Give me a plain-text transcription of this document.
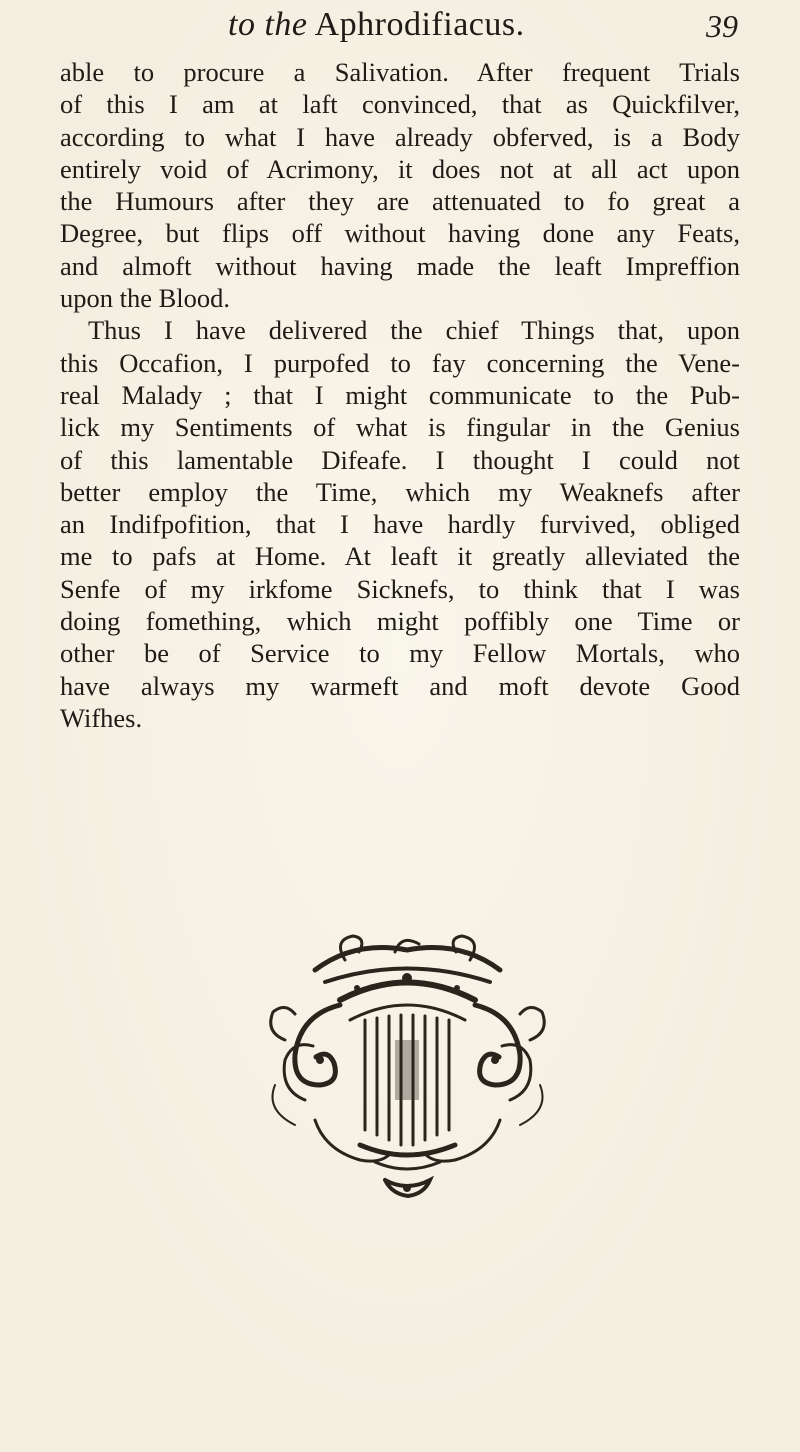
to the Aphrodifiacus.	39
able to procure a Salivation. After frequent Trials
of this I am at laft convinced, that as Quickfilver,
according to what I have already obferved, is a Body
entirely void of Acrimony, it does not at all act upon
the Humours after they are attenuated to fo great a
Degree, but flips off without having done any Feats,
and almoft without having made the leaft Impreffion
upon the Blood.
Thus I have delivered the chief Things that, upon
this Occafion, I purpofed to fay concerning the Vene-
real Malady ; that I might communicate to the Pub-
lick my Sentiments of what is fingular in the Genius
of this lamentable Difeafe. I thought I could not
better employ the Time, which my Weaknefs after
an Indifpofition, that I have hardly furvived, obliged
me to pafs at Home. At leaft it greatly alleviated the
Senfe of my irkfome Sicknefs, to think that I was
doing fomething, which might poffibly one Time or
other be of Service to my Fellow Mortals, who
have always my warmeft and moft devote Good
Wifhes.
